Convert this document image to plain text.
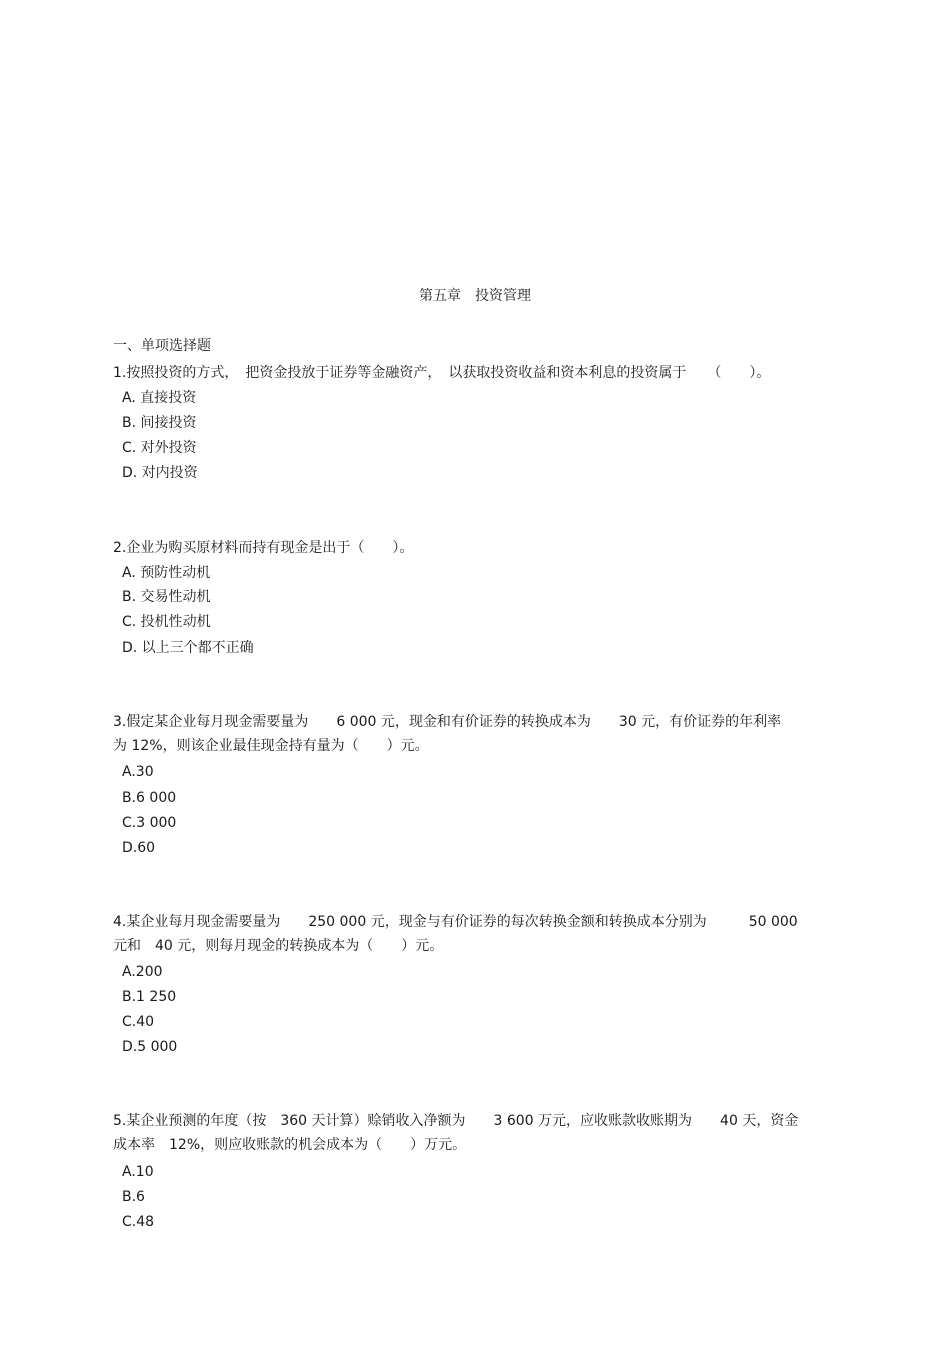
第五章　投资管理
一、单项选择题
1.按照投资的方式，　把资金投放于证券等金融资产，　以获取投资收益和资本利息的投资属于　　（　　）。
A. 直接投资
B. 间接投资
C. 对外投资
D. 对内投资
2.企业为购买原材料而持有现金是出于（　　）。
A. 预防性动机
B. 交易性动机
C. 投机性动机
D. 以上三个都不正确
3.假定某企业每月现金需要量为　　6 000 元，现金和有价证券的转换成本为　　30 元，有价证券的年利率
为 12%，则该企业最佳现金持有量为（　　）元。
A.30
B.6 000
C.3 000
D.60
4.某企业每月现金需要量为　　250 000 元，现金与有价证券的每次转换金额和转换成本分别为　　　50 000
元和　40 元，则每月现金的转换成本为（　　）元。
A.200
B.1 250
C.40
D.5 000
5.某企业预测的年度（按　360 天计算）赊销收入净额为　　3 600 万元，应收账款收账期为　　40 天，资金
成本率　12%，则应收账款的机会成本为（　　）万元。
A.10
B.6
C.48
